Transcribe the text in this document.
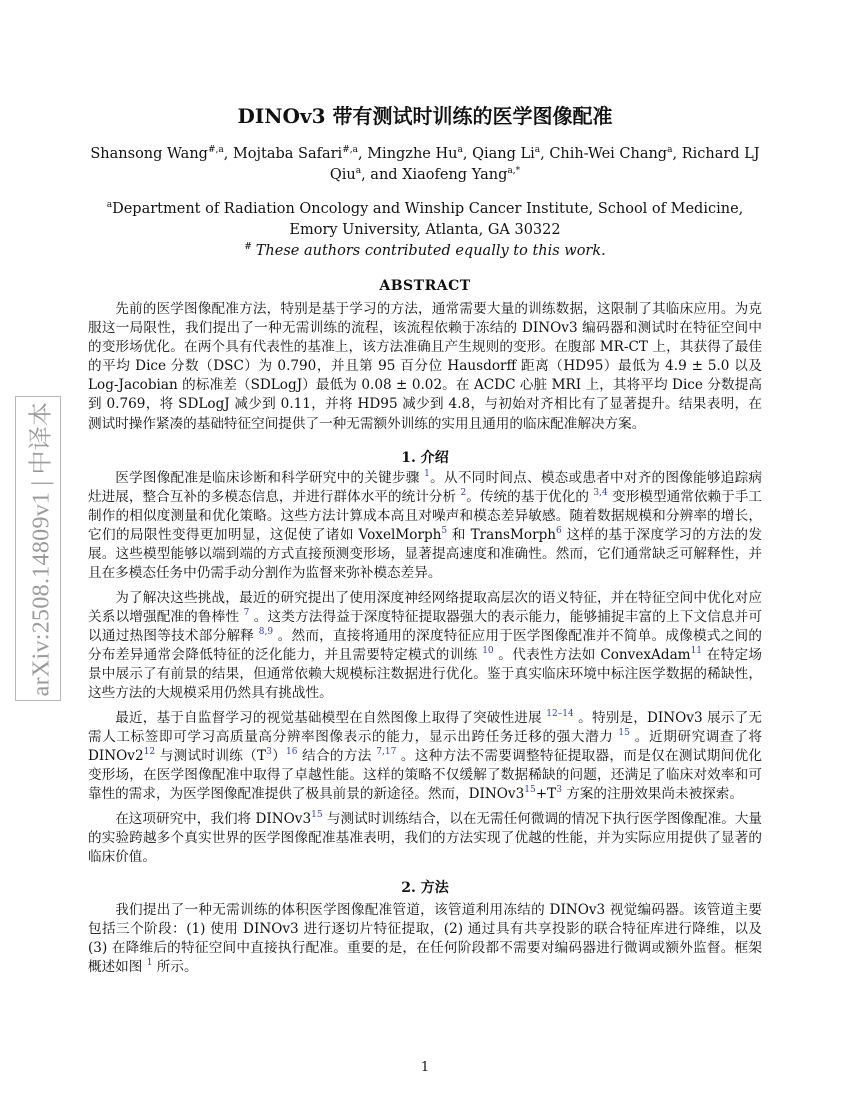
arXiv:2508.14809v1|中译本
DINOv3 带有测试时训练的医学图像配准

Shansong Wang$^{\#,a}$, Mojtaba Safari$^{\#,a}$, Mingzhe Hu$^a$, Qiang Li$^a$, Chih-Wei Chang$^a$, Richard LJ Qiu$^a$, and Xiaofeng Yang$^{a,*}$

$^a$Department of Radiation Oncology and Winship Cancer Institute, School of Medicine, Emory University, Atlanta, GA 30322
# These authors contributed equally to this work.
ABSTRACT

先前的医学图像配准方法，特别是基于学习的方法，通常需要大量的训练数据，这限制了其临床应用。为克服这一局限性，我们提出了一种无需训练的流程，该流程依赖于冻结的 DINOv3 编码器和测试时在特征空间中的变形场优化。在两个具有代表性的基准上，该方法准确且产生规则的变形。在腹部 MR-CT 上，其获得了最佳的平均 Dice 分数（DSC）为 0.790，并且第 95 百分位 Hausdorff 距离（HD95）最低为 4.9 ± 5.0 以及 Log-Jacobian 的标准差（SDLogJ）最低为 0.08 ± 0.02。在 ACDC 心脏 MRI 上，其将平均 Dice 分数提高到 0.769，将 SDLogJ 减少到 0.11，并将 HD95 减少到 4.8，与初始对齐相比有了显著提升。结果表明，在测试时操作紧凑的基础特征空间提供了一种无需额外训练的实用且通用的临床配准解决方案。

1. 介绍

医学图像配准是临床诊断和科学研究中的关键步骤 $^1$。从不同时间点、模态或患者中对齐的图像能够追踪病灶进展，整合互补的多模态信息，并进行群体水平的统计分析 $^2$。传统的基于优化的 $^{3,4}$ 变形模型通常依赖于手工制作的相似度测量和优化策略。这些方法计算成本高且对噪声和模态差异敏感。随着数据规模和分辨率的增长，它们的局限性变得更加明显，这促使了诸如 VoxelMorph$^5$ 和 TransMorph$^6$ 这样的基于深度学习的方法的发展。这些模型能够以端到端的方式直接预测变形场，显著提高速度和准确性。然而，它们通常缺乏可解释性，并且在多模态任务中仍需手动分割作为监督来弥补模态差异。

为了解决这些挑战，最近的研究提出了使用深度神经网络提取高层次的语义特征，并在特征空间中优化对应关系以增强配准的鲁棒性 $^7$ 。这类方法得益于深度特征提取器强大的表示能力，能够捕捉丰富的上下文信息并可以通过热图等技术部分解释 $^{8,9}$ 。然而，直接将通用的深度特征应用于医学图像配准并不简单。成像模式之间的分布差异通常会降低特征的泛化能力，并且需要特定模式的训练 $^{10}$ 。代表性方法如 ConvexAdam$^{11}$ 在特定场景中展示了有前景的结果，但通常依赖大规模标注数据进行优化。鉴于真实临床环境中标注医学数据的稀缺性，这些方法的大规模采用仍然具有挑战性。

最近，基于自监督学习的视觉基础模型在自然图像上取得了突破性进展 $^{12-14}$ 。特别是，DINOv3 展示了无需人工标签即可学习高质量高分辨率图像表示的能力，显示出跨任务迁移的强大潜力 $^{15}$ 。近期研究调查了将 DINOv2$^{12}$ 与测试时训练（T$^3$）$^{16}$ 结合的方法 $^{7,17}$ 。这种方法不需要调整特征提取器，而是仅在测试期间优化变形场，在医学图像配准中取得了卓越性能。这样的策略不仅缓解了数据稀缺的问题，还满足了临床对效率和可靠性的需求，为医学图像配准提供了极具前景的新途径。然而，DINOv3$^{15}$+T$^3$ 方案的注册效果尚未被探索。

在这项研究中，我们将 DINOv3$^{15}$ 与测试时训练结合，以在无需任何微调的情况下执行医学图像配准。大量的实验跨越多个真实世界的医学图像配准基准表明，我们的方法实现了优越的性能，并为实际应用提供了显著的临床价值。

2. 方法

我们提出了一种无需训练的体积医学图像配准管道，该管道利用冻结的 DINOv3 视觉编码器。该管道主要包括三个阶段：(1) 使用 DINOv3 进行逐切片特征提取，(2) 通过具有共享投影的联合特征库进行降维，以及 (3) 在降维后的特征空间中直接执行配准。重要的是，在任何阶段都不需要对编码器进行微调或额外监督。框架概述如图 $^1$ 所示。

1
